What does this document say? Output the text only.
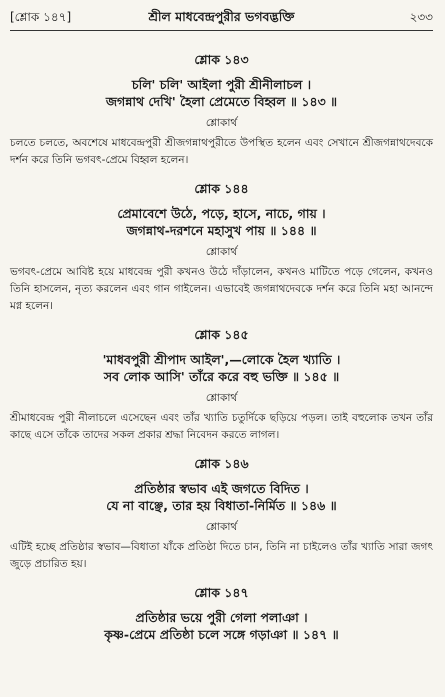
[শ্লোক ১৪৭]	শ্রীল মাধবেন্দ্রপুরীর ভগবদ্ভক্তি	২৩৩
শ্লোক ১৪৩
চলি' চলি' আইলা পুরী শ্রীনীলাচল ।
জগন্নাথ দেখি' হৈলা প্রেমেতে বিহ্বল ॥ ১৪৩ ॥
শ্লোকার্থ
চলতে চলতে, অবশেষে মাধবেন্দ্রপুরী শ্রীজগন্নাথপুরীতে উপস্থিত হলেন এবং সেখানে শ্রীজগন্নাথদেবকে দর্শন করে তিনি ভগবৎ-প্রেমে বিহ্বল হলেন।
শ্লোক ১৪৪
প্রেমাবেশে উঠে, পড়ে, হাসে, নাচে, গায় ।
জগন্নাথ-দরশনে মহাসুখ পায় ॥ ১৪৪ ॥
শ্লোকার্থ
ভগবৎ-প্রেমে আবিষ্ট হয়ে মাধবেন্দ্র পুরী কখনও উঠে দাঁড়ালেন, কখনও মাটিতে পড়ে গেলেন, কখনও তিনি হাসলেন, নৃত্য করলেন এবং গান গাইলেন। এভাবেই জগন্নাথদেবকে দর্শন করে তিনি মহা আনন্দে মগ্ন হলেন।
শ্লোক ১৪৫
'মাধবপুরী শ্রীপাদ আইল',—লোকে হৈল খ্যাতি ।
সব লোক আসি' তাঁরে করে বহু ভক্তি ॥ ১৪৫ ॥
শ্লোকার্থ
শ্রীমাধবেন্দ্র পুরী নীলাচলে এসেছেন এবং তাঁর খ্যাতি চতুর্দিকে ছড়িয়ে পড়ল। তাই বহুলোক তখন তাঁর কাছে এসে তাঁকে তাদের সকল প্রকার শ্রদ্ধা নিবেদন করতে লাগল।
শ্লোক ১৪৬
প্রতিষ্ঠার স্বভাব এই জগতে বিদিত ।
যে না বাঞ্ছে, তার হয় বিধাতা-নির্মিত ॥ ১৪৬ ॥
শ্লোকার্থ
এটিই হচ্ছে প্রতিষ্ঠার স্বভাব—বিধাতা যাঁকে প্রতিষ্ঠা দিতে চান, তিনি না চাইলেও তাঁর খ্যাতি সারা জগৎ জুড়ে প্রচারিত হয়।
শ্লোক ১৪৭
প্রতিষ্ঠার ভয়ে পুরী গেলা পলাঞা ।
কৃষ্ণ-প্রেমে প্রতিষ্ঠা চলে সঙ্গে গড়াঞা ॥ ১৪৭ ॥
